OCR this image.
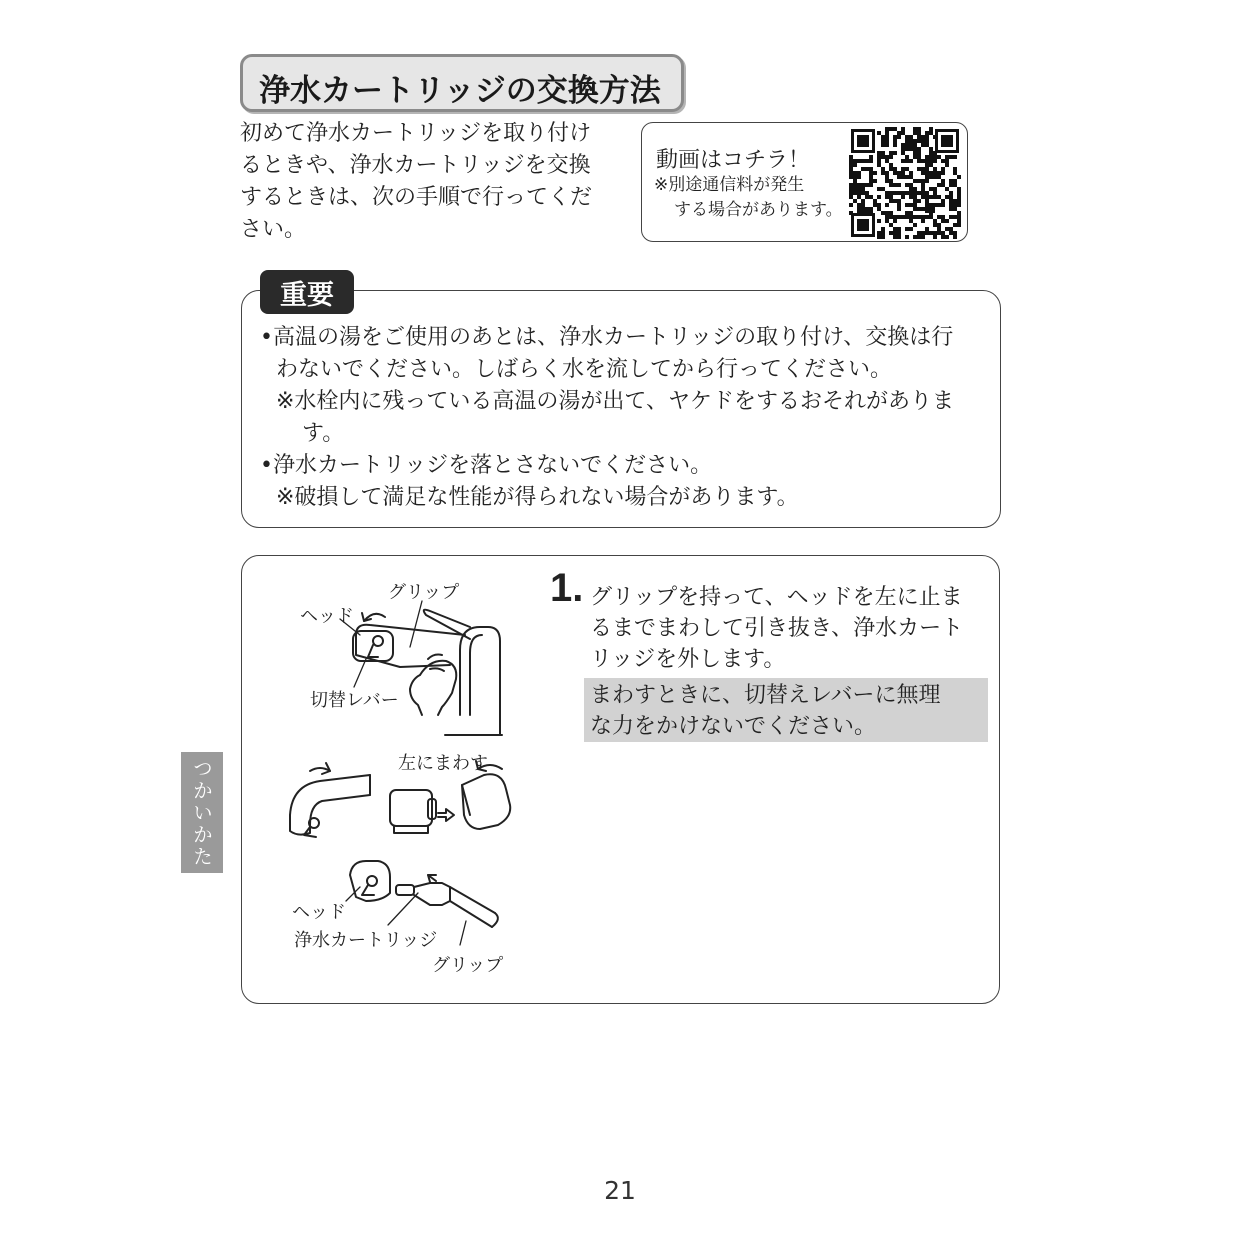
浄水カートリッジの交換方法
初めて浄水カートリッジを取り付け
るときや、浄水カートリッジを交換
するときは、次の手順で行ってくだ
さい。
動画はコチラ！
※別途通信料が発生
する場合があります。
重要
•高温の湯をご使用のあとは、浄水カートリッジの取り付け、交換は行
わないでください。しばらく水を流してから行ってください。
※水栓内に残っている高温の湯が出て、ヤケドをするおそれがありま
す。
•浄水カートリッジを落とさないでください。
※破損して満足な性能が得られない場合があります。
1. グリップを持って、ヘッドを左に止ま
るまでまわして引き抜き、浄水カート
リッジを外します。
まわすときに、切替えレバーに無理
な力をかけないでください。
グリップ
ヘッド
切替レバー
左にまわす
ヘッド
浄水カートリッジ
グリップ
つかいかた
21
